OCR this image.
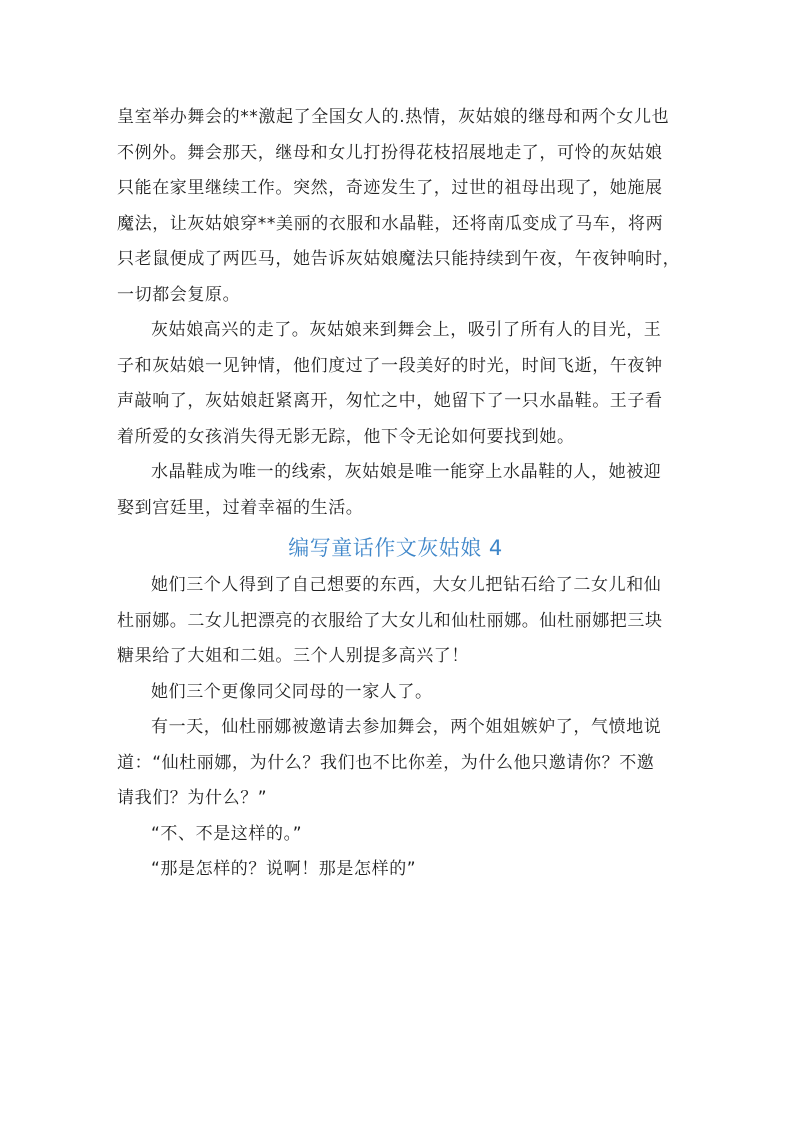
皇室举办舞会的**激起了全国女人的.热情，灰姑娘的继母和两个女儿也
不例外。舞会那天，继母和女儿打扮得花枝招展地走了，可怜的灰姑娘
只能在家里继续工作。突然，奇迹发生了，过世的祖母出现了，她施展
魔法，让灰姑娘穿**美丽的衣服和水晶鞋，还将南瓜变成了马车，将两
只老鼠便成了两匹马，她告诉灰姑娘魔法只能持续到午夜，午夜钟响时，
一切都会复原。

灰姑娘高兴的走了。灰姑娘来到舞会上，吸引了所有人的目光，王
子和灰姑娘一见钟情，他们度过了一段美好的时光，时间飞逝，午夜钟
声敲响了，灰姑娘赶紧离开，匆忙之中，她留下了一只水晶鞋。王子看
着所爱的女孩消失得无影无踪，他下令无论如何要找到她。

水晶鞋成为唯一的线索，灰姑娘是唯一能穿上水晶鞋的人，她被迎
娶到宫廷里，过着幸福的生活。

编写童话作文灰姑娘 4

她们三个人得到了自己想要的东西，大女儿把钻石给了二女儿和仙
杜丽娜。二女儿把漂亮的衣服给了大女儿和仙杜丽娜。仙杜丽娜把三块
糖果给了大姐和二姐。三个人别提多高兴了！

她们三个更像同父同母的一家人了。

有一天，仙杜丽娜被邀请去参加舞会，两个姐姐嫉妒了，气愤地说
道：“仙杜丽娜，为什么？我们也不比你差，为什么他只邀请你？不邀
请我们？为什么？”

“不、不是这样的。”

“那是怎样的？说啊！那是怎样的”
